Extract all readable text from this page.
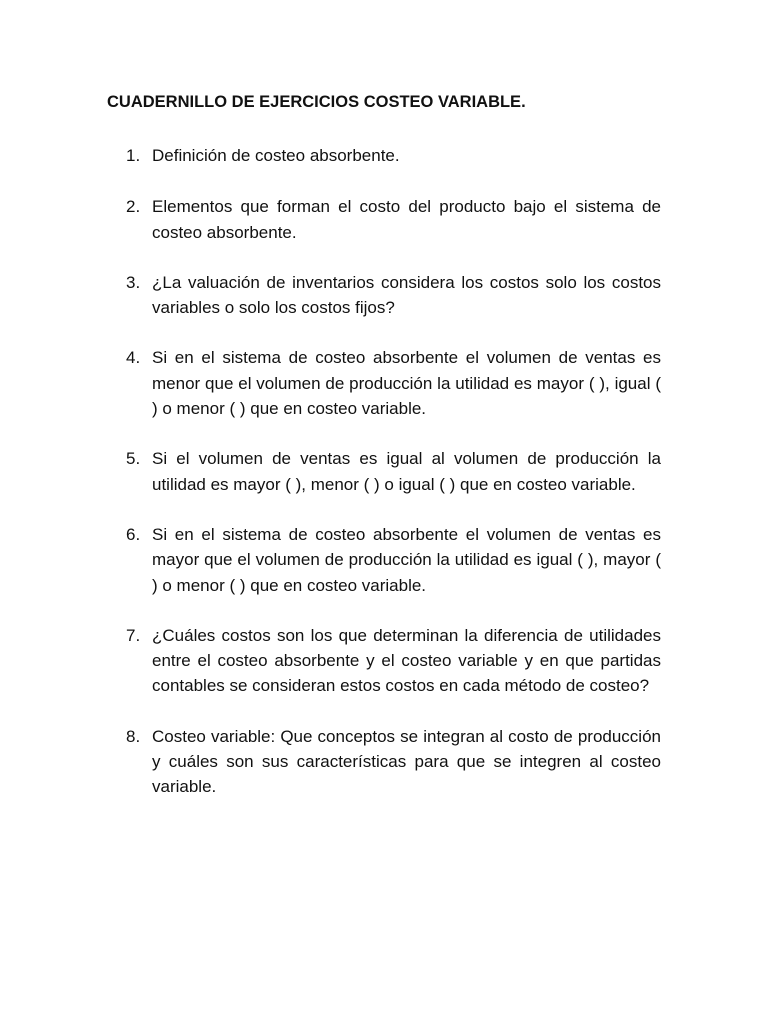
CUADERNILLO DE EJERCICIOS COSTEO VARIABLE.
1. Definición de costeo absorbente.
2. Elementos que forman el costo del producto bajo el sistema de costeo absorbente.
3. ¿La valuación de inventarios considera los costos solo los costos variables o solo los costos fijos?
4. Si en el sistema de costeo absorbente el volumen de ventas es menor que el volumen de producción la utilidad es mayor ( ), igual ( ) o menor ( ) que en costeo variable.
5. Si el volumen de ventas es igual al volumen de producción la utilidad es mayor ( ), menor ( ) o igual ( ) que en costeo variable.
6. Si en el sistema de costeo absorbente el volumen de ventas es mayor que el volumen de producción la utilidad es igual ( ), mayor ( ) o menor ( ) que en costeo variable.
7. ¿Cuáles costos son los que determinan la diferencia de utilidades entre el costeo absorbente y el costeo variable y en que partidas contables se consideran estos costos en cada método de costeo?
8. Costeo variable: Que conceptos se integran al costo de producción y cuáles son sus características para que se integren al costeo variable.
